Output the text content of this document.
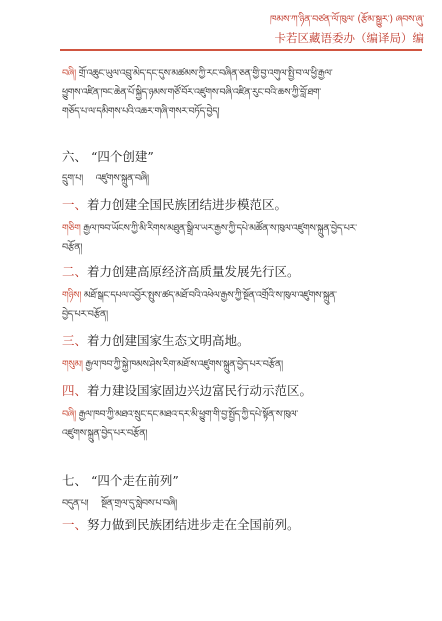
ཁམས་ཀ་ཉིན་བཙན་ལོ་ཁུལ་ (རྩོམ་སྒྱུར་) ཞབས་ཞུ་
卡若区藏语委办（编译局）编
བཞི། གྲོ་འཆུང་ཡུལ་འབྲུ་མེད་དང་དུས་མཚམས་ཀྱི་རང་བཞིན་ཅན་གྱི་བྱ་འགུལ་སྤྱི་བ་ལ་ཕྱི་རྒྱལ་
ཕྱུགས་འཛིན་ཁང་ཆེན་པོ་སྐྱིད་ཉམས་གཙོ་བོར་འཛུགས་བཞི་འཛིན་རུང་བའི་ཆས་ཀྱི་བློ་ཐག་
གཅོད་པ་ལ་དམིགས་པའི་འཆར་གཞི་གསར་བཏོད་བྱེད།
六、 “四个创建”
དྲུག་པ། འཛུགས་སྐྲུན་བཞི།
一、着力创建全国民族团结进步模范区。
གཅིག རྒྱལ་ཁབ་ཡོངས་ཀྱི་མི་རིགས་མཐུན་སྒྲིལ་ཡར་རྒྱས་ཀྱི་དཔེ་མཚོན་ས་ཁུལ་འཛུགས་སྐྲུན་བྱེད་པར་
བརྩོན།
二、着力创建高原经济高质量发展先行区。
གཉིས། མཐོ་སྒང་དཔལ་འབྱོར་སྤུས་ཚད་མཐོ་བའི་འཕེལ་རྒྱས་ཀྱི་སྔོན་འགྲོའི་ས་ཁུལ་འཛུགས་སྐྲུན་
བྱེད་པར་བརྩོན།
三、着力创建国家生态文明高地。
གསུམ། རྒྱལ་ཁབ་ཀྱི་སྐྱེ་ཁམས་ཤེས་རིག་མཐོ་ས་འཛུགས་སྐྲུན་བྱེད་པར་བརྩོན།
四、着力建设国家固边兴边富民行动示范区。
བཞི། རྒྱལ་ཁབ་ཀྱི་མཐའ་སྲུང་དང་མཐའ་དར་མི་ཕྱུག་གི་བྱ་སྤྱོད་ཀྱི་དཔེ་སྟོན་ས་ཁུལ་
འཛུགས་སྐྲུན་བྱེད་པར་བརྩོན།
七、 “四个走在前列”
བདུན་པ། སྔོན་གྲལ་དུ་སླེབས་པ་བཞི།
一、努力做到民族团结进步走在全国前列。
